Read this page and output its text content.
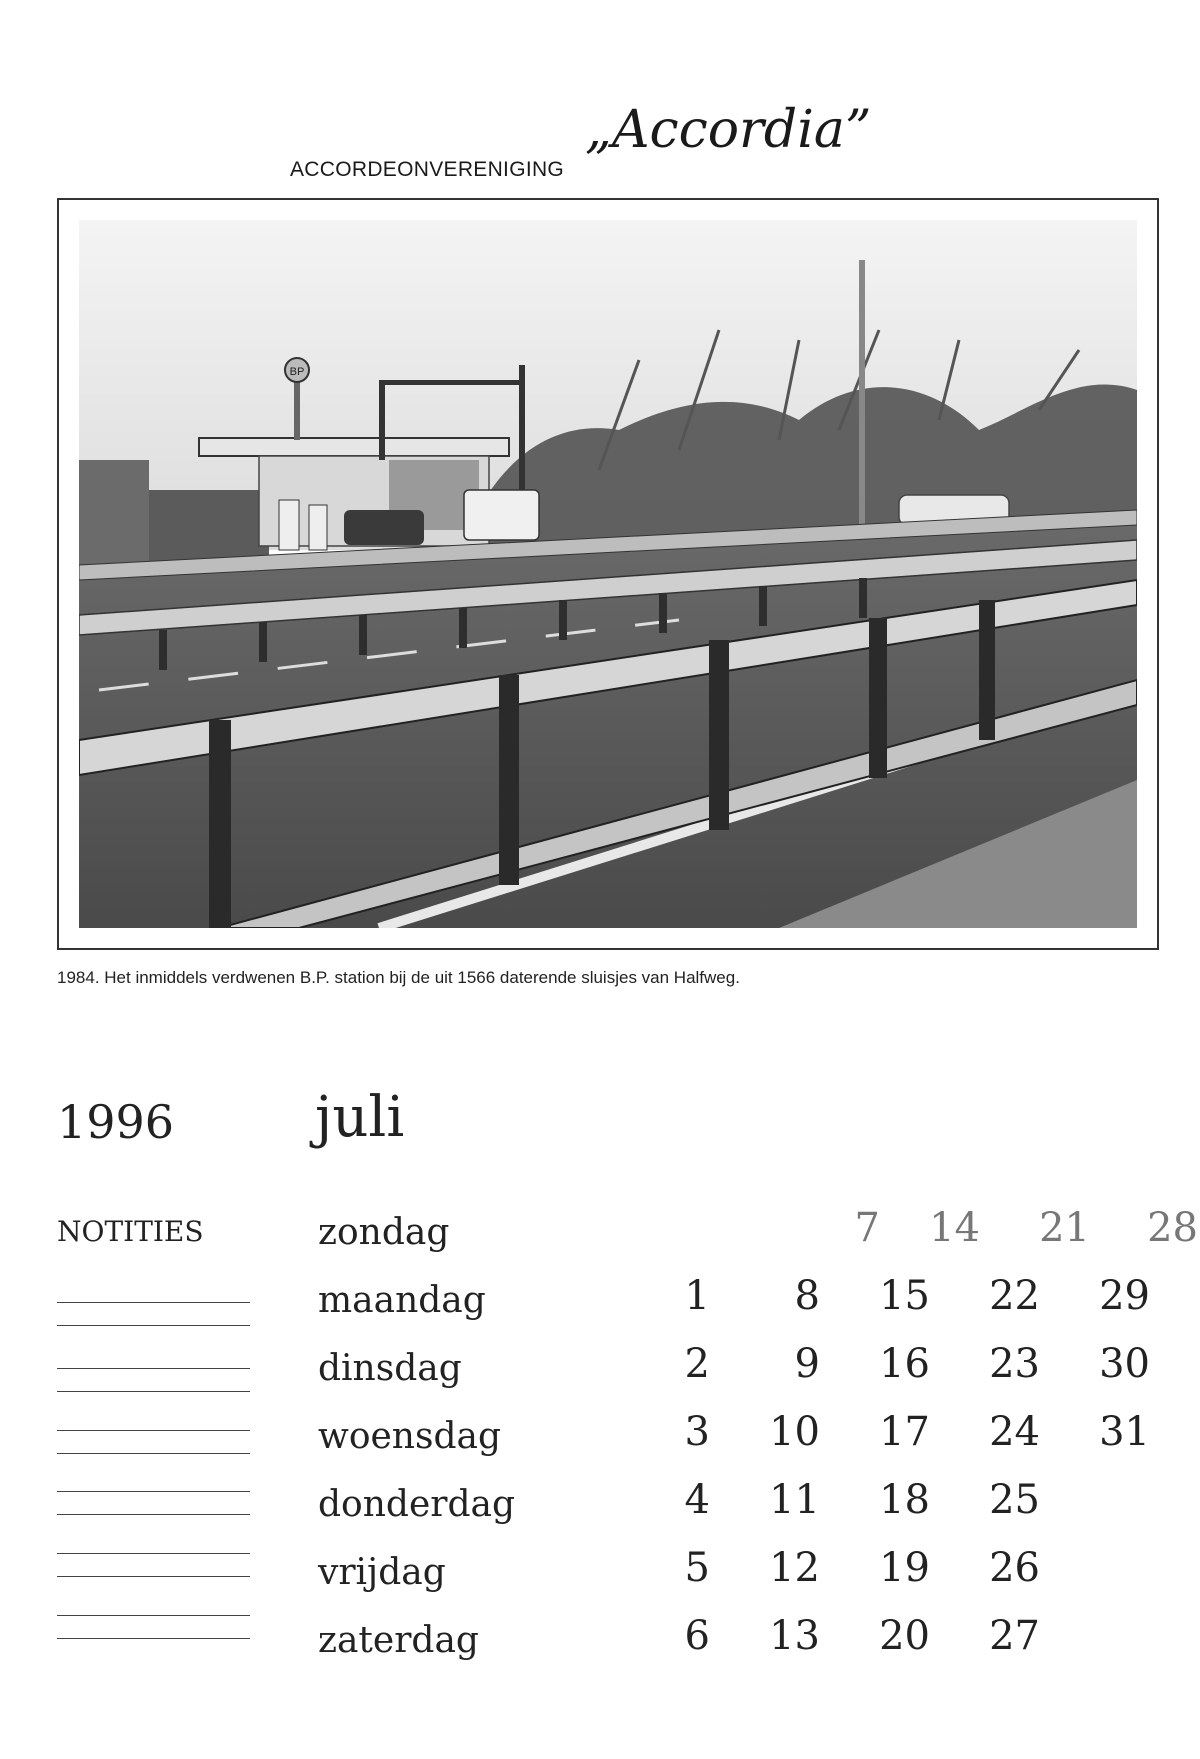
ACCORDEONVERENIGING
„Accordia”
BP
1984. Het inmiddels verdwenen B.P. station bij de uit 1566 daterende sluisjes van Halfweg.
1996	juli
NOTITIES	zondag	7	14	21	28
maandag	1	8	15	22	29
dinsdag	2	9	16	23	30
woensdag	3	10	17	24	31
donderdag	4	11	18	25
vrijdag	5	12	19	26
zaterdag	6	13	20	27
